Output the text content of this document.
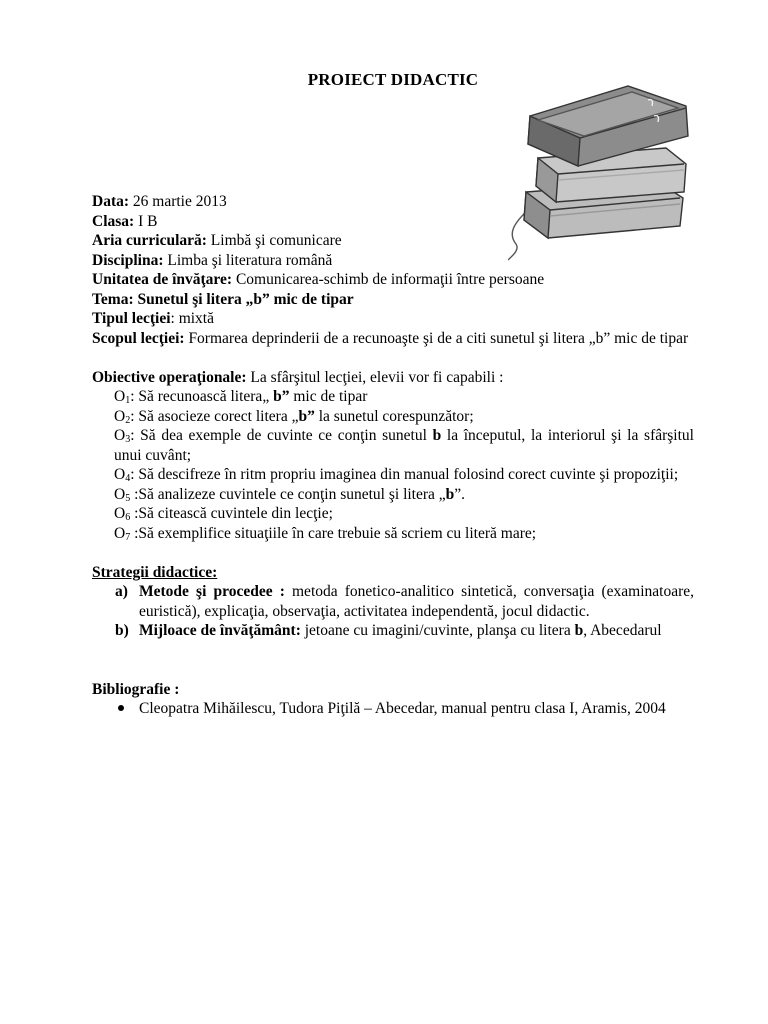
PROIECT DIDACTIC
Data: 26 martie 2013
Clasa: I B
Aria curriculară: Limbă şi comunicare
Disciplina: Limba şi literatura română
Unitatea de învăţare: Comunicarea-schimb de informaţii între persoane
Tema: Sunetul şi litera „b” mic de tipar
Tipul lecţiei: mixtă
Scopul lecţiei: Formarea deprinderii de a recunoaşte şi de a citi sunetul şi litera „b” mic de tipar
Obiective operaţionale: La sfârşitul lecţiei, elevii vor fi capabili :
$O_1$: Să recunoască litera„ b” mic de tipar
$O_2$: Să asocieze corect litera „b” la sunetul corespunzător;
$O_3$: Să dea exemple de cuvinte ce conţin sunetul b la începutul, la interiorul şi la sfârşitul unui cuvânt;
$O_4$: Să descifreze în ritm propriu imaginea din manual folosind corect cuvinte şi propoziţii;
$O_5$ :Să analizeze cuvintele ce conţin sunetul şi litera „b”.
$O_6$ :Să citească cuvintele din lecţie;
$O_7$ :Să exemplifice situaţiile în care trebuie să scriem cu literă mare;
Strategii didactice:
a) Metode şi procedee : metoda fonetico-analitico sintetică, conversaţia (examinatoare, euristică), explicaţia, observaţia, activitatea independentă, jocul didactic.
b) Mijloace de învăţământ: jetoane cu imagini/cuvinte, planşa cu litera b, Abecedarul
Bibliografie :
Cleopatra Mihăilescu, Tudora Piţilă – Abecedar, manual pentru clasa I, Aramis, 2004
